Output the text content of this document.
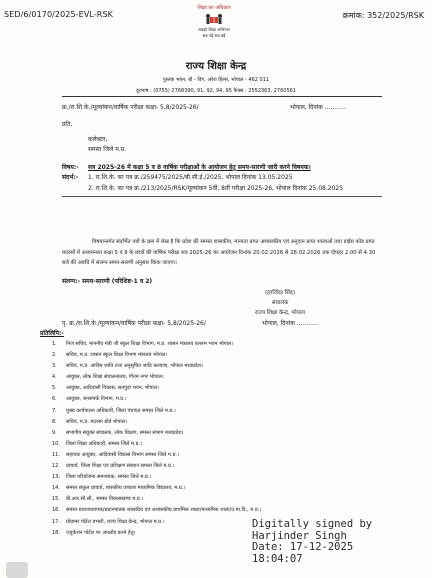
SED/6/0170/2025-EVL-RSK	क्रमांक: 352/2025/RSK
शिक्षा का अधिकार
सबको शिक्षा अभियान
सब पढ़ें सब बढ़ें
राज्य शिक्षा केन्द्र
पुस्तक भवन, बी - विंग, अरेरा हिल्स, भोपाल - 462 011
दूरभाष : (0755) 2768390, 91, 92, 94, 95 फैक्स : 2552363, 2760561
क्र./रा.शि.के./मूल्यांकन/वार्षिक परीक्षा कक्षा- 5,8/2025-26/	भोपाल, दिनांक ...........
प्रति,
कलेक्टर,
समस्त जिले म.प्र.
विषय:- सत्र 2025-26 में कक्षा 5 व 8 वार्षिक परीक्षाओं के आयोजन हेतु समय-सारणी जारी करने विषयक।
संदर्भ:- 1. रा.शि.के. का पत्र क्र./259475/2025/बी.सी.ई./2025, भोपाल दिनांक 13.05.2025
2. रा.शि.के. का पत्र क्र./213/2025/RSK/मूल्यांकन 5वीं, 8वीं परीक्षा 2025-26, भोपाल दिनांक 25.08.2025
विषयान्तर्गत संदर्भित पत्रों के क्रम में लेख है कि प्रदेश की समस्त शासकीय, मान्यता प्राप्त अशासकीय एवं अनुदान प्राप्त शालाओं तथा डाईस कोड प्राप्त मदरसों में अध्ययनरत कक्षा 5 व 8 के छात्रों की वार्षिक परीक्षा सत्र 2025-26 का आयोजन दिनांक 20.02.2026 से 28.02.2026 तक दोपहर 2.00 से 4.30 बजे की अवधि में संलग्न समय-सारणी अनुसार किया जाएगा।
संलग्न:- समय-सारणी (परिशिष्ट-1 व 2)
(हरजिंदर सिंह)
संचालक
राज्य शिक्षा केन्द्र, भोपाल
पृ. क्र./रा.शि.के./मूल्यांकन/वार्षिक परीक्षा कक्षा- 5,8/2025-26/	भोपाल, दिनांक ...........
प्रतिलिपि:-
1. निज सचिव, माननीय मंत्री जी स्कूल शिक्षा विभाग, म.प्र. शासन मंत्रालय वल्लभ भवन भोपाल।
2. सचिव, म.प्र. शासन स्कूल शिक्षा विभाग मंत्रालय भोपाल।
3. सचिव, म.प्र. आदिम जाति तथा अनुसूचित जाति कल्याण, भोपाल मध्यप्रदेश।
4. आयुक्त, लोक शिक्षा संचालनालय, गौतम नगर भोपाल।
5. आयुक्त, आदिवासी विकास, सतपुड़ा भवन, भोपाल।
6. आयुक्त, जनसंपर्क विभाग, म.प्र.।
7. मुख्य कार्यपालन अधिकारी, जिला पंचायत समस्त जिले म.प्र.।
8. सचिव, म.प्र. मदरसा बोर्ड भोपाल।
9. संभागीय संयुक्त संचालक, लोक शिक्षण, समस्त संभाग मध्यप्रदेश।
10. जिला शिक्षा अधिकारी, समस्त जिले म.प्र.।
11. सहायक आयुक्त, आदिवासी विकास विभाग समस्त जिले म.प्र.।
12. प्राचार्य, जिला शिक्षा एवं प्रशिक्षण संस्थान समस्त जिले म.प्र.।
13. जिला परियोजना समन्वयक, समस्त जिले म.प्र.।
14. समस्त संकुल प्राचार्य, शासकीय उच्चतर माध्यमिक विद्यालय, म.प्र.।
15. बी.आर.सी.सी., समस्त विकासखण्ड म.प्र.।
16. समस्त प्रधानाध्यापक/प्रधानपाठक शासकीय एवं अशासकीय प्राथमिक शाला/माध्यमिक शाला/उ.मा.वि., म.प्र.।
17. प्रोग्रामर पोर्टल प्रभारी, राज्य शिक्षा केन्द्र, भोपाल म.प्र.।
18. एजुकेशन पोर्टल पर अपलोड करने हेतु।
Digitally signed by
Harjinder Singh
Date: 17-12-2025
18:04:07
